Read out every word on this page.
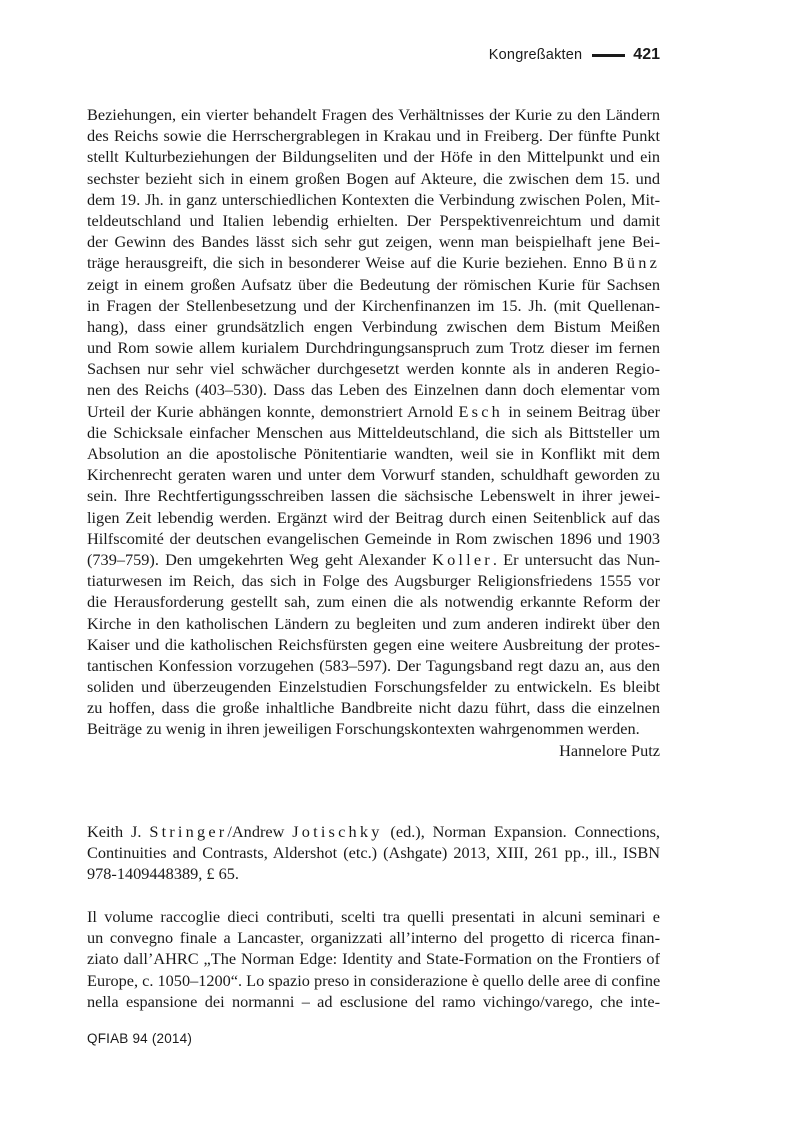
Kongreßakten	421
Beziehungen, ein vierter behandelt Fragen des Verhältnisses der Kurie zu den Ländern
des Reichs sowie die Herrschergrablegen in Krakau und in Freiberg. Der fünfte Punkt
stellt Kulturbeziehungen der Bildungseliten und der Höfe in den Mittelpunkt und ein
sechster bezieht sich in einem großen Bogen auf Akteure, die zwischen dem 15. und
dem 19. Jh. in ganz unterschiedlichen Kontexten die Verbindung zwischen Polen, Mit-
teldeutschland und Italien lebendig erhielten. Der Perspektivenreichtum und damit
der Gewinn des Bandes lässt sich sehr gut zeigen, wenn man beispielhaft jene Bei-
träge herausgreift, die sich in besonderer Weise auf die Kurie beziehen. Enno Bünz
zeigt in einem großen Aufsatz über die Bedeutung der römischen Kurie für Sachsen
in Fragen der Stellenbesetzung und der Kirchenfinanzen im 15. Jh. (mit Quellenan-
hang), dass einer grundsätzlich engen Verbindung zwischen dem Bistum Meißen
und Rom sowie allem kurialem Durchdringungsanspruch zum Trotz dieser im fernen
Sachsen nur sehr viel schwächer durchgesetzt werden konnte als in anderen Regio-
nen des Reichs (403–530). Dass das Leben des Einzelnen dann doch elementar vom
Urteil der Kurie abhängen konnte, demonstriert Arnold Esch in seinem Beitrag über
die Schicksale einfacher Menschen aus Mitteldeutschland, die sich als Bittsteller um
Absolution an die apostolische Pönitentiarie wandten, weil sie in Konflikt mit dem
Kirchenrecht geraten waren und unter dem Vorwurf standen, schuldhaft geworden zu
sein. Ihre Rechtfertigungsschreiben lassen die sächsische Lebenswelt in ihrer jewei-
ligen Zeit lebendig werden. Ergänzt wird der Beitrag durch einen Seitenblick auf das
Hilfscomité der deutschen evangelischen Gemeinde in Rom zwischen 1896 und 1903
(739–759). Den umgekehrten Weg geht Alexander Koller. Er untersucht das Nun-
tiaturwesen im Reich, das sich in Folge des Augsburger Religionsfriedens 1555 vor
die Herausforderung gestellt sah, zum einen die als notwendig erkannte Reform der
Kirche in den katholischen Ländern zu begleiten und zum anderen indirekt über den
Kaiser und die katholischen Reichsfürsten gegen eine weitere Ausbreitung der protes-
tantischen Konfession vorzugehen (583–597). Der Tagungsband regt dazu an, aus den
soliden und überzeugenden Einzelstudien Forschungsfelder zu entwickeln. Es bleibt
zu hoffen, dass die große inhaltliche Bandbreite nicht dazu führt, dass die einzelnen
Beiträge zu wenig in ihren jeweiligen Forschungskontexten wahrgenommen werden.
Hannelore Putz
Keith J. Stringer/Andrew Jotischky (ed.), Norman Expansion. Connections,
Continuities and Contrasts, Aldershot (etc.) (Ashgate) 2013, XIII, 261 pp., ill., ISBN
978-1409448389, £ 65.
Il volume raccoglie dieci contributi, scelti tra quelli presentati in alcuni seminari e
un convegno finale a Lancaster, organizzati all’interno del progetto di ricerca finan-
ziato dall’AHRC „The Norman Edge: Identity and State-Formation on the Frontiers of
Europe, c. 1050–1200“. Lo spazio preso in considerazione è quello delle aree di confine
nella espansione dei normanni – ad esclusione del ramo vichingo/varego, che inte-
QFIAB 94 (2014)
